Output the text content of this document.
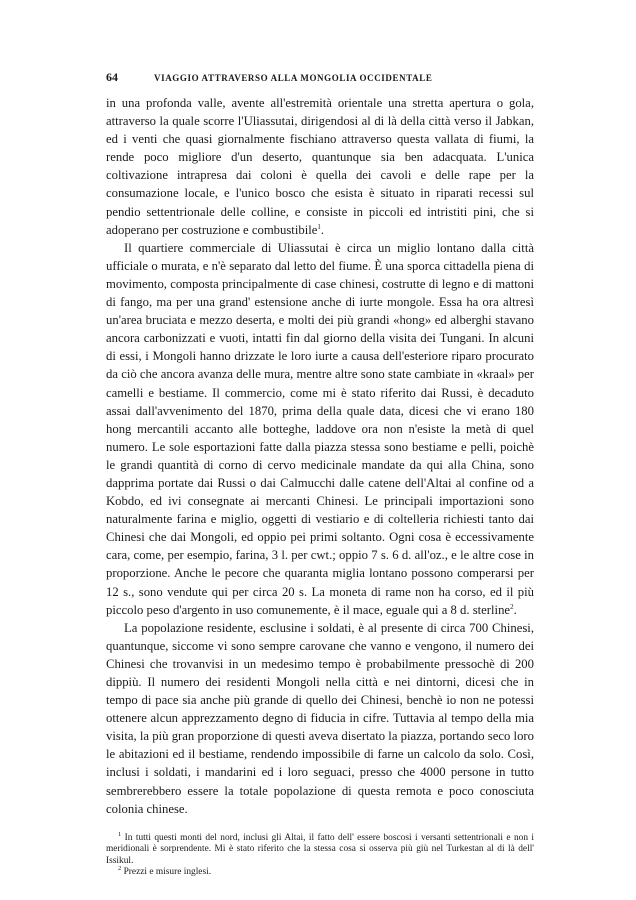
64	VIAGGIO ATTRAVERSO ALLA MONGOLIA OCCIDENTALE

in una profonda valle, avente all'estremità orientale una stretta apertura o gola, attraverso la quale scorre l'Uliassutai, dirigendosi al di là della città verso il Jabkan, ed i venti che quasi giornalmente fischiano attraverso questa vallata di fiumi, la rende poco migliore d'un deserto, quantunque sia ben adacquata. L'unica coltivazione intrapresa dai coloni è quella dei cavoli e delle rape per la consumazione locale, e l'unico bosco che esista è situato in riparati recessi sul pendio settentrionale delle colline, e consiste in piccoli ed intristiti pini, che si adoperano per costruzione e combustibile$^1$.

Il quartiere commerciale di Uliassutai è circa un miglio lontano dalla città ufficiale o murata, e n'è separato dal letto del fiume. È una sporca cittadella piena di movimento, composta principalmente di case chinesi, costrutte di legno e di mattoni di fango, ma per una grand' estensione anche di iurte mongole. Essa ha ora altresì un'area bruciata e mezzo deserta, e molti dei più grandi «hong» ed alberghi stavano ancora carbonizzati e vuoti, intatti fin dal giorno della visita dei Tungani. In alcuni di essi, i Mongoli hanno drizzate le loro iurte a causa dell'esteriore riparo procurato da ciò che ancora avanza delle mura, mentre altre sono state cambiate in «kraal» per camelli e bestiame. Il commercio, come mi è stato riferito dai Russi, è decaduto assai dall'avvenimento del 1870, prima della quale data, dicesi che vi erano 180 hong mercantili accanto alle botteghe, laddove ora non n'esiste la metà di quel numero. Le sole esportazioni fatte dalla piazza stessa sono bestiame e pelli, poichè le grandi quantità di corno di cervo medicinale mandate da qui alla China, sono dapprima portate dai Russi o dai Calmucchi dalle catene dell'Altai al confine od a Kobdo, ed ivi consegnate ai mercanti Chinesi. Le principali importazioni sono naturalmente farina e miglio, oggetti di vestiario e di coltelleria richiesti tanto dai Chinesi che dai Mongoli, ed oppio pei primi soltanto. Ogni cosa è eccessivamente cara, come, per esempio, farina, 3 l. per cwt.; oppio 7 s. 6 d. all'oz., e le altre cose in proporzione. Anche le pecore che quaranta miglia lontano possono comperarsi per 12 s., sono vendute qui per circa 20 s. La moneta di rame non ha corso, ed il più piccolo peso d'argento in uso comunemente, è il mace, eguale qui a 8 d. sterline$^2$.

La popolazione residente, esclusine i soldati, è al presente di circa 700 Chinesi, quantunque, siccome vi sono sempre carovane che vanno e vengono, il numero dei Chinesi che trovanvisi in un medesimo tempo è probabilmente pressochè di 200 dippiù. Il numero dei residenti Mongoli nella città e nei dintorni, dicesi che in tempo di pace sia anche più grande di quello dei Chinesi, benchè io non ne potessi ottenere alcun apprezzamento degno di fiducia in cifre. Tuttavia al tempo della mia visita, la più gran proporzione di questi aveva disertato la piazza, portando seco loro le abitazioni ed il bestiame, rendendo impossibile di farne un calcolo da solo. Così, inclusi i soldati, i mandarini ed i loro seguaci, presso che 4000 persone in tutto sembrerebbero essere la totale popolazione di questa remota e poco conosciuta colonia chinese.

$^1$ In tutti questi monti del nord, inclusi gli Altai, il fatto dell' essere boscosi i versanti settentrionali e non i meridionali è sorprendente. Mi è stato riferito che la stessa cosa si osserva più giù nel Turkestan al di là dell' Issikul.

$^2$ Prezzi e misure inglesi.
